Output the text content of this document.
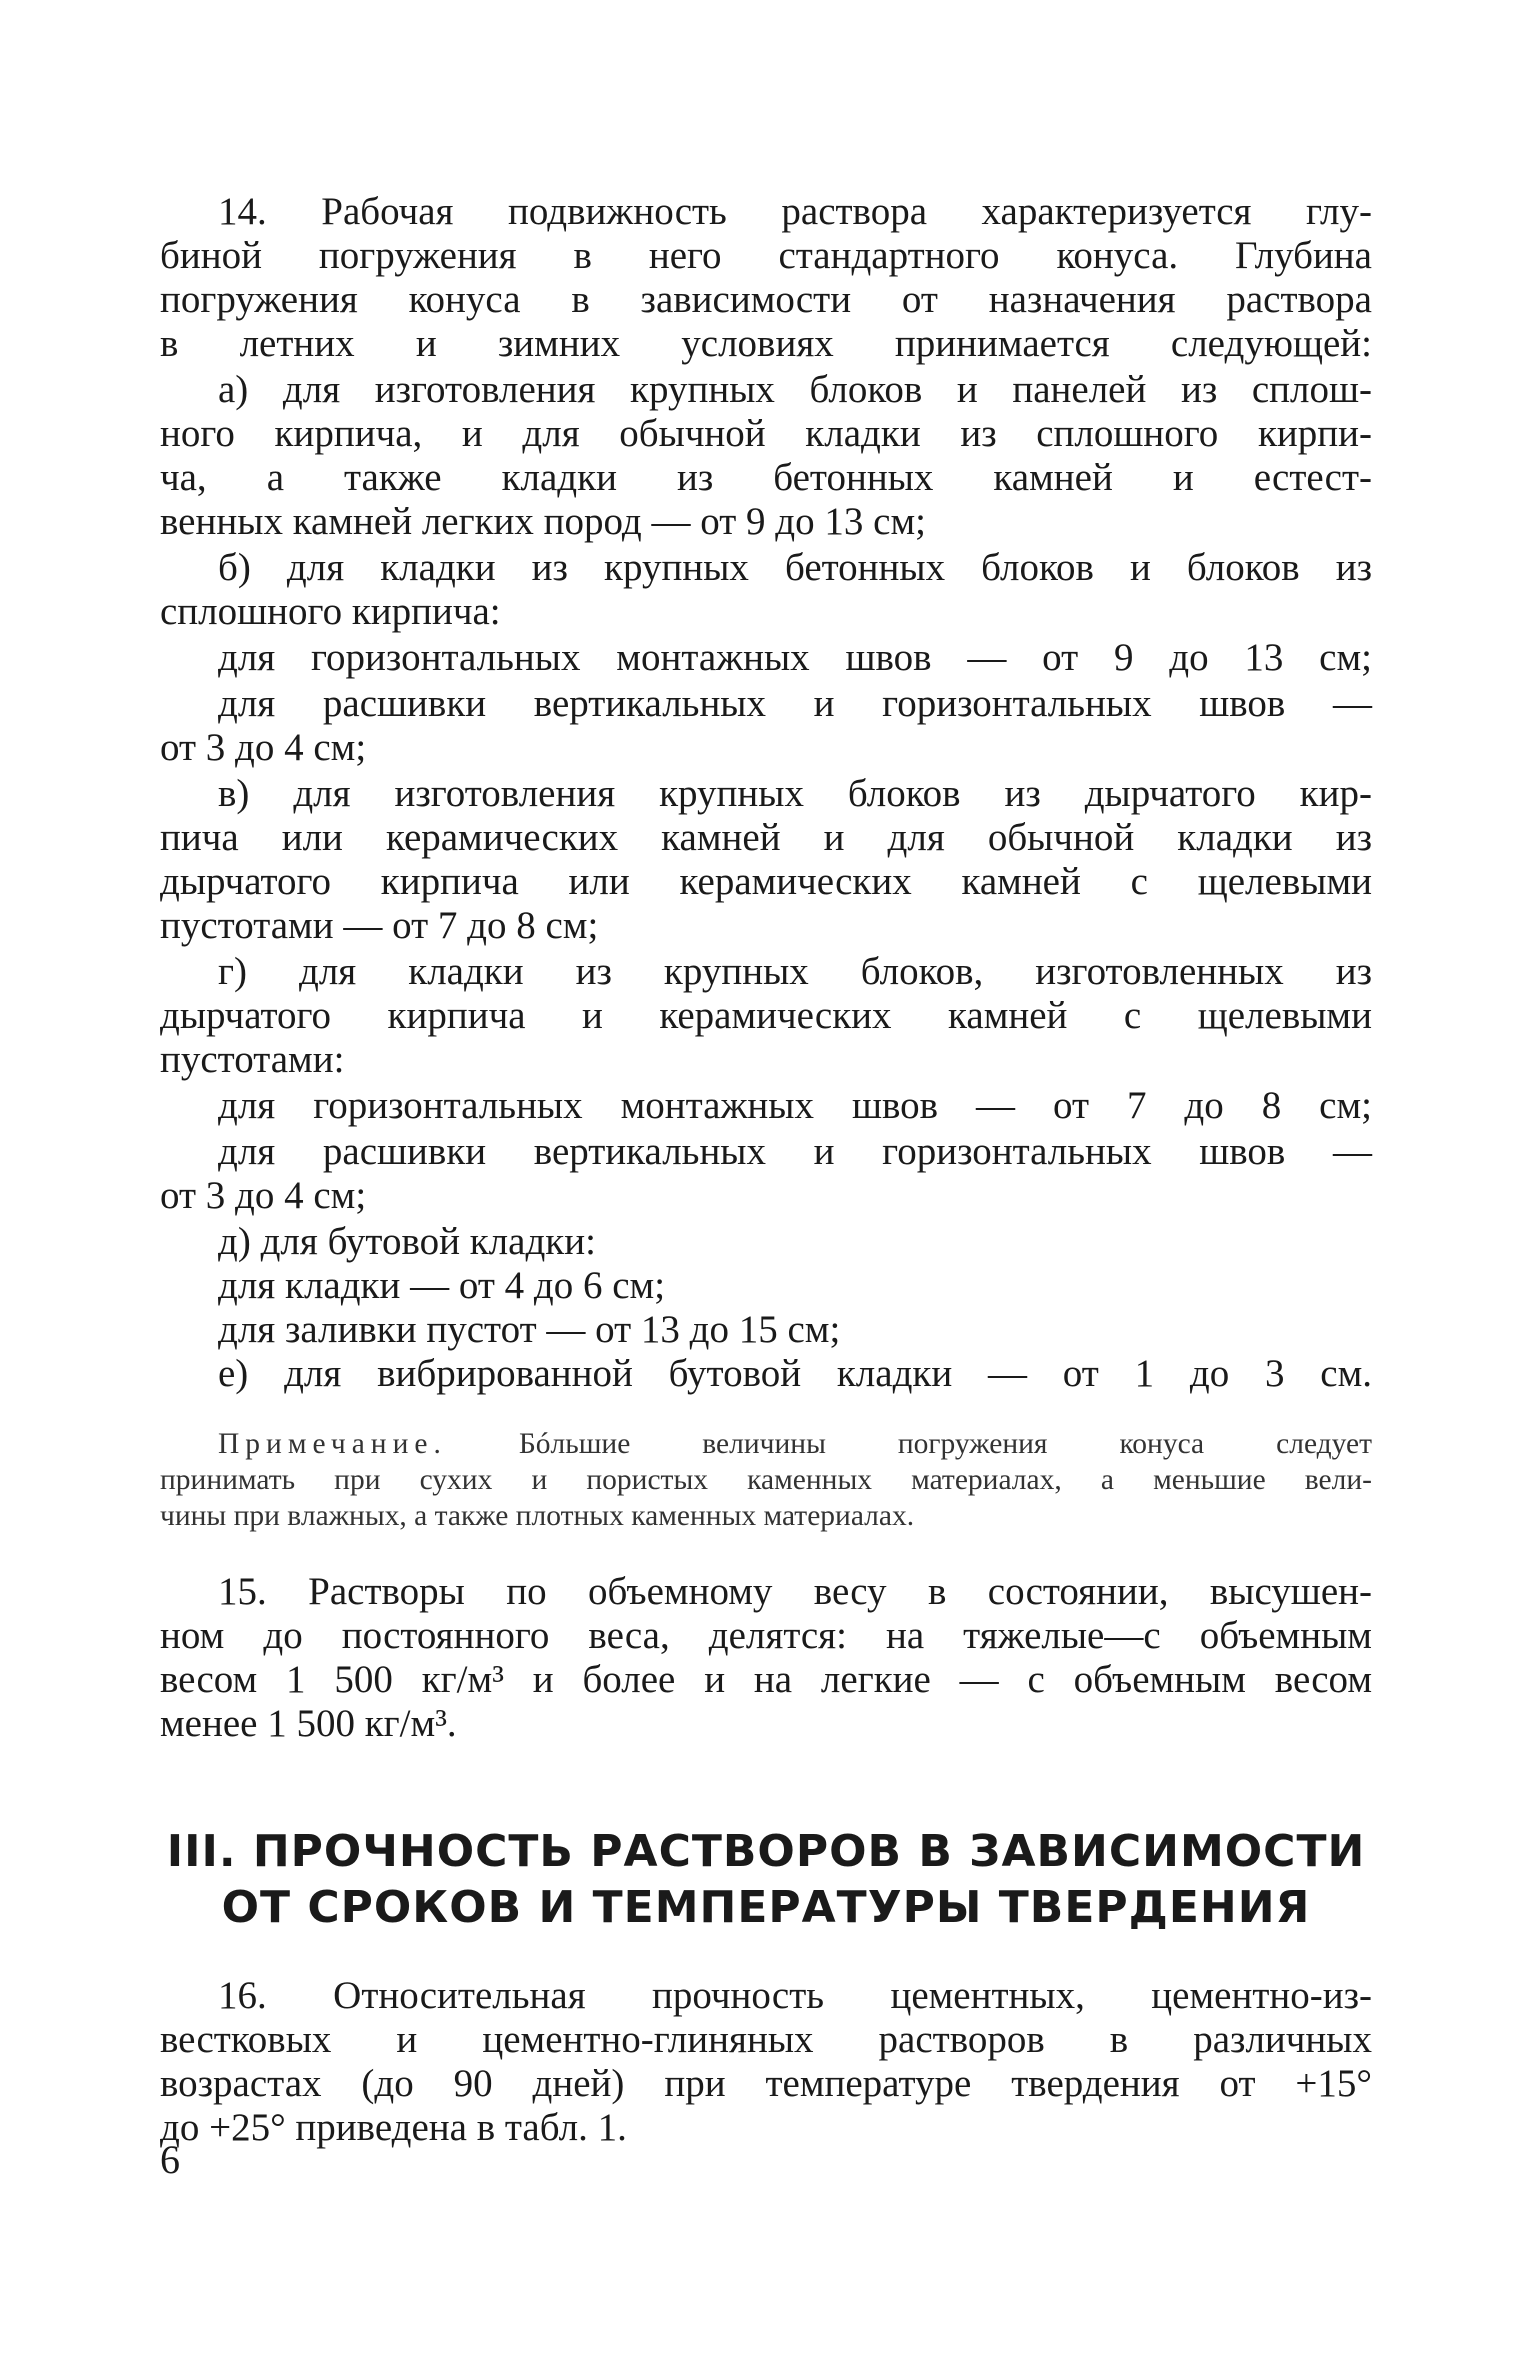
14. Рабочая подвижность раствора характеризуется глу-
биной погружения в него стандартного конуса. Глубина
погружения конуса в зависимости от назначения раствора
в летних и зимних условиях принимается следующей:
а) для изготовления крупных блоков и панелей из сплош-
ного кирпича, и для обычной кладки из сплошного кирпи-
ча, а также кладки из бетонных камней и естест-
венных камней легких пород — от 9 до 13 см;
б) для кладки из крупных бетонных блоков и блоков из
сплошного кирпича:
для горизонтальных монтажных швов — от 9 до 13 см;
для расшивки вертикальных и горизонтальных швов —
от 3 до 4 см;
в) для изготовления крупных блоков из дырчатого кир-
пича или керамических камней и для обычной кладки из
дырчатого кирпича или керамических камней с щелевыми
пустотами — от 7 до 8 см;
г) для кладки из крупных блоков, изготовленных из
дырчатого кирпича и керамических камней с щелевыми
пустотами:
для горизонтальных монтажных швов — от 7 до 8 см;
для расшивки вертикальных и горизонтальных швов —
от 3 до 4 см;
д) для бутовой кладки:
для кладки — от 4 до 6 см;
для заливки пустот — от 13 до 15 см;
е) для вибрированной бутовой кладки — от 1 до 3 см.
Примечание. Бóльшие величины погружения конуса следует
принимать при сухих и пористых каменных материалах, а меньшие вели-
чины при влажных, а также плотных каменных материалах.
15. Растворы по объемному весу в состоянии, высушен-
ном до постоянного веса, делятся: на тяжелые—с объемным
весом 1 500 кг/м³ и более и на легкие — с объемным весом
менее 1 500 кг/м³.
III. ПРОЧНОСТЬ РАСТВОРОВ В ЗАВИСИМОСТИ
ОТ СРОКОВ И ТЕМПЕРАТУРЫ ТВЕРДЕНИЯ
16. Относительная прочность цементных, цементно-из-
вестковых и цементно-глиняных растворов в различных
возрастах (до 90 дней) при температуре твердения от +15°
до +25° приведена в табл. 1.
6
